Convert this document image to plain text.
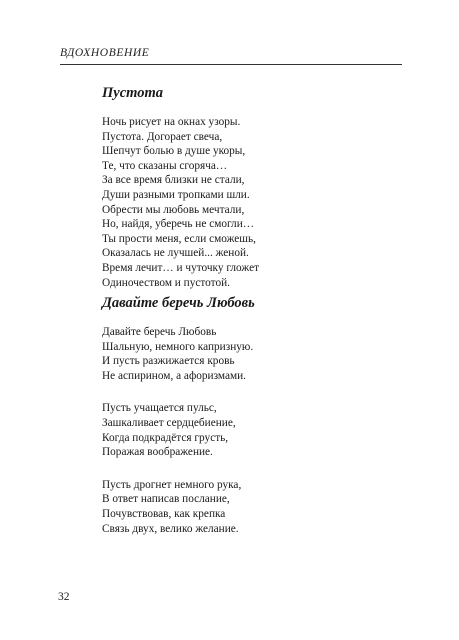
ВДОХНОВЕНИЕ
Пустота
Ночь рисует на окнах узоры.
Пустота. Догорает свеча,
Шепчут болью в душе укоры,
Те, что сказаны сгоряча…
За все время близки не стали,
Души разными тропками шли.
Обрести мы любовь мечтали,
Но, найдя, уберечь не смогли…
Ты прости меня, если сможешь,
Оказалась не лучшей... женой.
Время лечит… и чуточку гложет
Одиночеством и пустотой.
Давайте беречь Любовь
Давайте беречь Любовь
Шальную, немного капризную.
И пусть разжижается кровь
Не аспирином, а афоризмами.
Пусть учащается пульс,
Зашкаливает сердцебиение,
Когда подкрадётся грусть,
Поражая воображение.
Пусть дрогнет немного рука,
В ответ написав послание,
Почувствовав, как крепка
Связь двух, велико желание.
32
